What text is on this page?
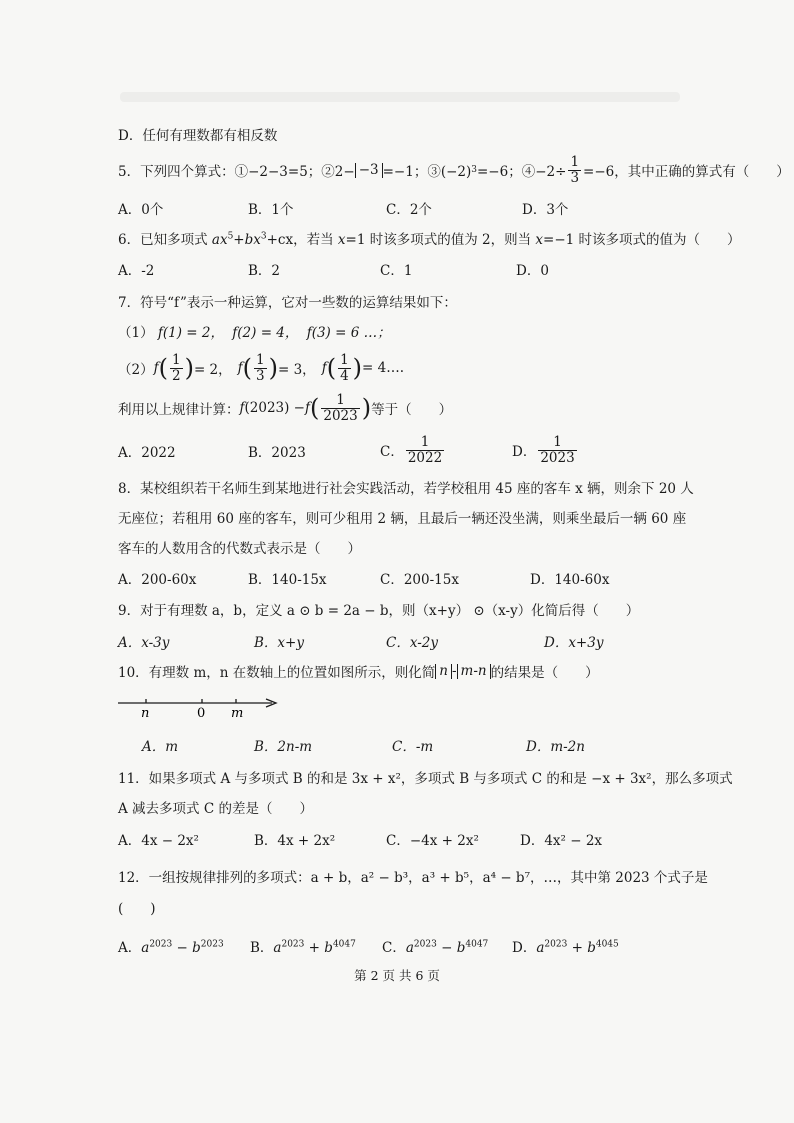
D．任何有理数都有相反数
5．下列四个算式：①−2−3=5；②2− −3 =−1；③(−2) 3 =−6；④−2÷ $\frac{1}{3} =-6$，其中正确的算式有（　　）
A．0个	B．1个	C．2个	D．3个
6．已知多项式 $ax^5+bx^3+cx$，若当 x=1 时该多项式的值为 2，则当 x=−1 时该多项式的值为（　　）
A．-2	B．2	C．1	D．0
7．符号“f”表示一种运算，它对一些数的运算结果如下：
（1） f(1) = 2， f(2) = 4， f(3) = 6 …；
（2） f ( $\frac{1}{2}$ ) = 2， f ( $\frac{1}{3}$ ) = 3， f ( $\frac{1}{4}$ ) = 4….
利用以上规律计算： f (2023) − f ( $\frac{1}{2023}$ ) 等于（　　）
A．2022	B．2023	C． $\frac{1}{2022}$	D． $\frac{1}{2023}$
8．某校组织若干名师生到某地进行社会实践活动，若学校租用 45 座的客车 x 辆，则余下 20 人
无座位；若租用 60 座的客车，则可少租用 2 辆，且最后一辆还没坐满，则乘坐最后一辆 60 座
客车的人数用含的代数式表示是（　　）
A．200-60x	B．140-15x	C．200-15x	D．140-60x
9．对于有理数 a，b，定义 a ⊙ b = 2a − b，则（x+y） ⊙（x-y）化简后得（　　）
A．x-3y	B．x+y	C．x-2y	D．x+3y
10．有理数 m，n 在数轴上的位置如图所示，则化简 n - m-n 的结果是（　　）
n	0 m
A．m	B．2n-m	C．-m	D．m-2n
11．如果多项式 A 与多项式 B 的和是 3x + x²，多项式 B 与多项式 C 的和是 −x + 3x²，那么多项式
A 减去多项式 C 的差是（　　）
A．4x − 2x²	B．4x + 2x²	C．−4x + 2x²	D．4x² − 2x
12．一组按规律排列的多项式：a + b，a² − b³，a³ + b⁵，a⁴ − b⁷，…，其中第 2023 个式子是
(　　)
A．$a^{2023} - b^{2023}$ B．$a^{2023} + b^{4047}$ C．$a^{2023} - b^{4047}$ D．$a^{2023} + b^{4045}$
第 2 页 共 6 页
